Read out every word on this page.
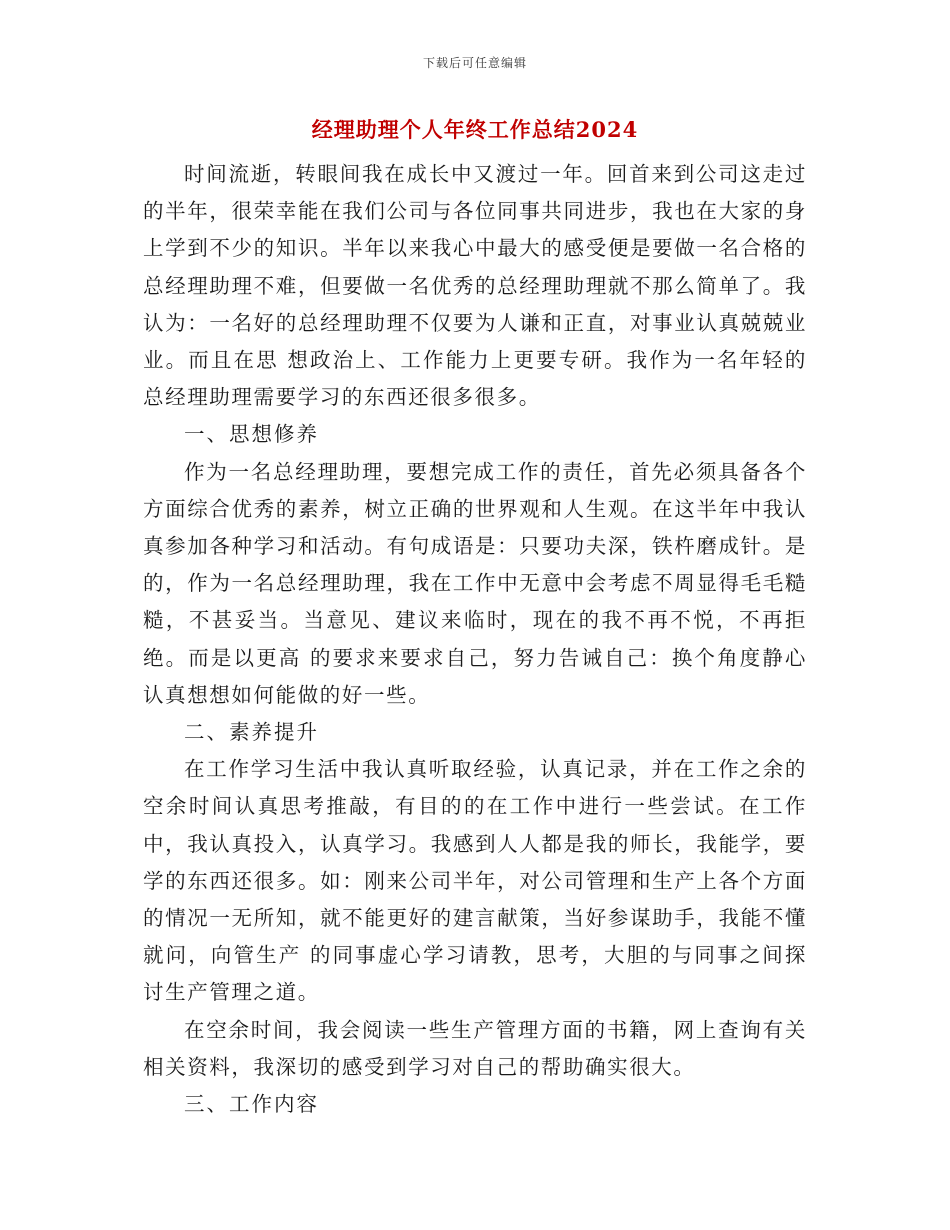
下载后可任意编辑
经理助理个人年终工作总结2024

时间流逝，转眼间我在成长中又渡过一年。回首来到公司这走过的半年，很荣幸能在我们公司与各位同事共同进步，我也在大家的身上学到不少的知识。半年以来我心中最大的感受便是要做一名合格的总经理助理不难，但要做一名优秀的总经理助理就不那么简单了。我认为：一名好的总经理助理不仅要为人谦和正直，对事业认真兢兢业业。而且在思 想政治上、工作能力上更要专研。我作为一名年轻的总经理助理需要学习的东西还很多很多。

一、思想修养

作为一名总经理助理，要想完成工作的责任，首先必须具备各个方面综合优秀的素养，树立正确的世界观和人生观。在这半年中我认真参加各种学习和活动。有句成语是：只要功夫深，铁杵磨成针。是的，作为一名总经理助理，我在工作中无意中会考虑不周显得毛毛糙糙，不甚妥当。当意见、建议来临时，现在的我不再不悦，不再拒绝。而是以更高 的要求来要求自己，努力告诫自己：换个角度静心认真想想如何能做的好一些。

二、素养提升

在工作学习生活中我认真听取经验，认真记录，并在工作之余的空余时间认真思考推敲，有目的的在工作中进行一些尝试。在工作中，我认真投入，认真学习。我感到人人都是我的师长，我能学，要学的东西还很多。如：刚来公司半年，对公司管理和生产上各个方面的情况一无所知，就不能更好的建言献策，当好参谋助手，我能不懂就问，向管生产 的同事虚心学习请教，思考，大胆的与同事之间探讨生产管理之道。

在空余时间，我会阅读一些生产管理方面的书籍，网上查询有关相关资料，我深切的感受到学习对自己的帮助确实很大。

三、工作内容
